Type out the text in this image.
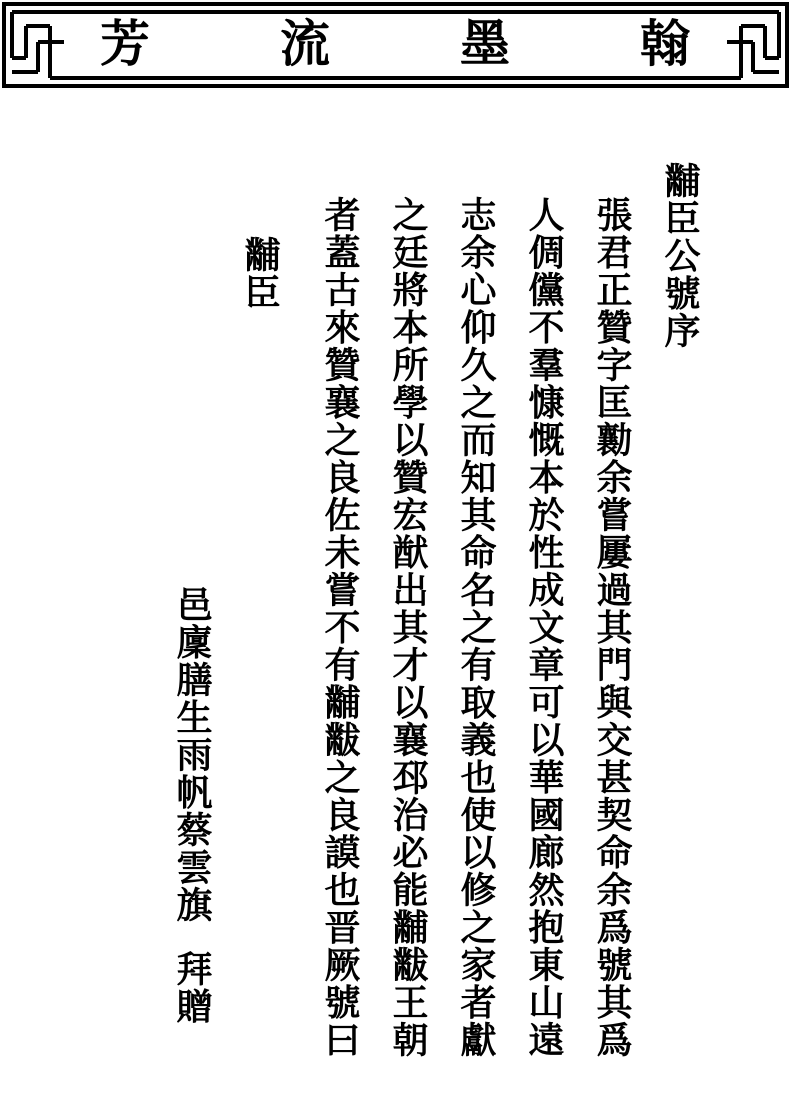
芳	流	墨	翰
黼臣公號序
張君正贊字匡勷余嘗屢過其門與交甚契命余爲號其爲
人倜儻不羣慷慨本於性成文章可以華國廊然抱東山遠
志余心仰久之而知其命名之有取義也使以修之家者獻
之廷將本所學以贊宏猷出其才以襄邳治必能黼黻王朝
者蓋古來贊襄之良佐未嘗不有黼黻之良謨也晋厥號曰
黼臣
邑廩膳生雨帆蔡雲旗
拜贈
